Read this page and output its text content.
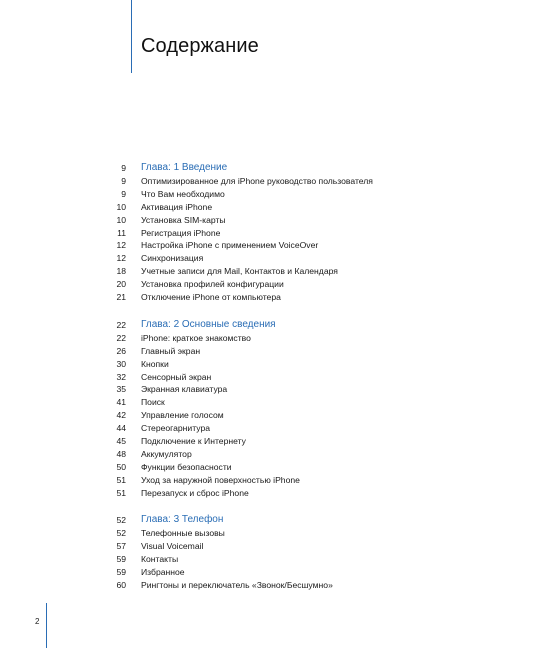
Содержание
9 Глава: 1 Введение
9 Оптимизированное для iPhone руководство пользователя
9 Что Вам необходимо
10 Активация iPhone
10 Установка SIM-карты
11 Регистрация iPhone
12 Настройка iPhone с применением VoiceOver
12 Синхронизация
18 Учетные записи для Mail, Контактов и Календаря
20 Установка профилей конфигурации
21 Отключение iPhone от компьютера
22 Глава: 2 Основные сведения
22 iPhone: краткое знакомство
26 Главный экран
30 Кнопки
32 Сенсорный экран
35 Экранная клавиатура
41 Поиск
42 Управление голосом
44 Стереогарнитура
45 Подключение к Интернету
48 Аккумулятор
50 Функции безопасности
51 Уход за наружной поверхностью iPhone
51 Перезапуск и сброс iPhone
52 Глава: 3 Телефон
52 Телефонные вызовы
57 Visual Voicemail
59 Контакты
59 Избранное
60 Рингтоны и переключатель «Звонок/Бесшумно»
2
